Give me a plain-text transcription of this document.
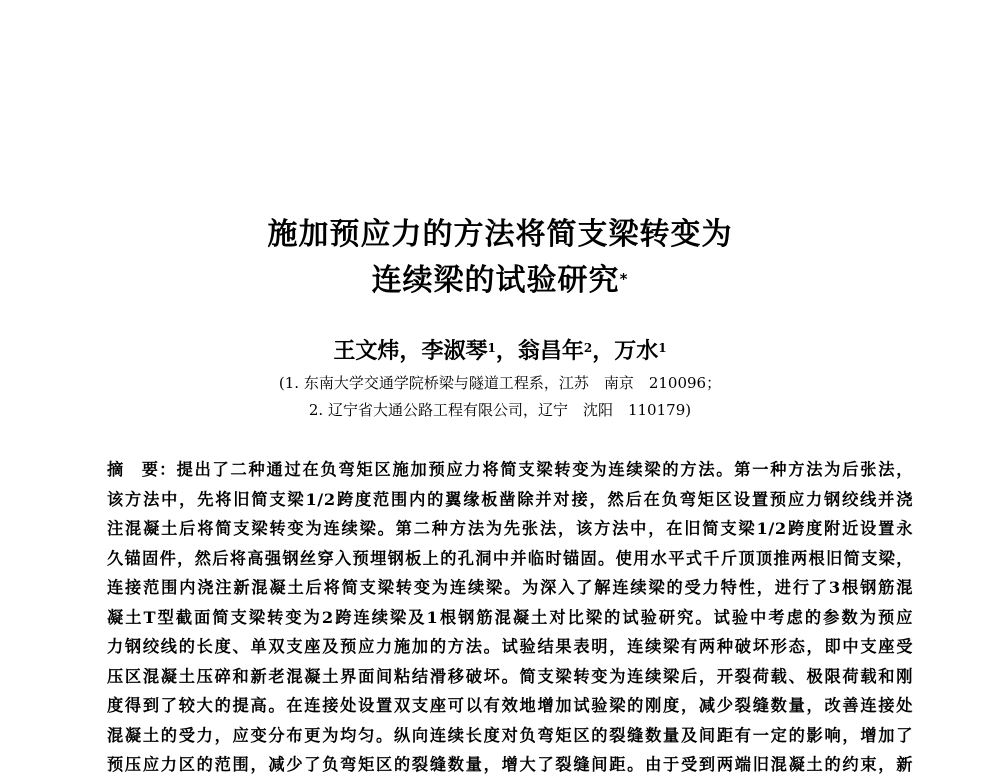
施加预应力的方法将简支梁转变为
连续梁的试验研究*
王文炜，李淑琴$^1$，翁昌年$^2$，万水$^1$
(1. 东南大学交通学院桥梁与隧道工程系，江苏　南京　210096；
2. 辽宁省大通公路工程有限公司，辽宁　沈阳　110179)
摘　要：提出了二种通过在负弯矩区施加预应力将简支梁转变为连续梁的方法。第一种方法为后张法，
该方法中，先将旧简支梁1/2跨度范围内的翼缘板凿除并对接，然后在负弯矩区设置预应力钢绞线并浇
注混凝土后将简支梁转变为连续梁。第二种方法为先张法，该方法中，在旧简支梁1/2跨度附近设置永
久锚固件，然后将高强钢丝穿入预埋钢板上的孔洞中并临时锚固。使用水平式千斤顶顶推两根旧简支梁，
连接范围内浇注新混凝土后将简支梁转变为连续梁。为深入了解连续梁的受力特性，进行了3根钢筋混
凝土T型截面简支梁转变为2跨连续梁及1根钢筋混凝土对比梁的试验研究。试验中考虑的参数为预应
力钢绞线的长度、单双支座及预应力施加的方法。试验结果表明，连续梁有两种破坏形态，即中支座受
压区混凝土压碎和新老混凝土界面间粘结滑移破坏。简支梁转变为连续梁后，开裂荷载、极限荷载和刚
度得到了较大的提高。在连接处设置双支座可以有效地增加试验梁的刚度，减少裂缝数量，改善连接处
混凝土的受力，应变分布更为均匀。纵向连续长度对负弯矩区的裂缝数量及间距有一定的影响，增加了
预压应力区的范围，减少了负弯矩区的裂缝数量，增大了裂缝间距。由于受到两端旧混凝土的约束，新
